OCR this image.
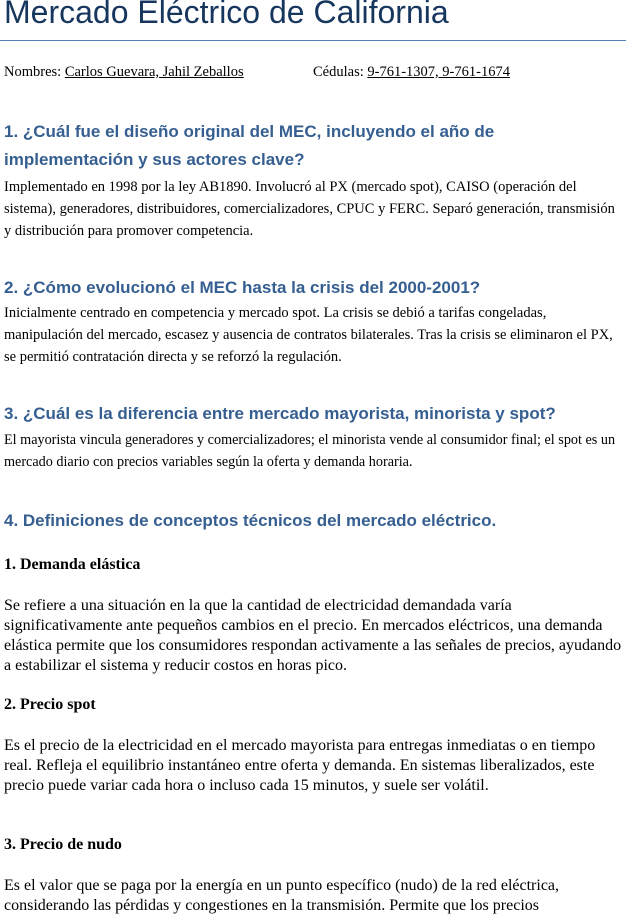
Mercado Eléctrico de California
Nombres: Carlos Guevara, Jahil Zeballos	Cédulas: 9-761-1307, 9-761-1674
1. ¿Cuál fue el diseño original del MEC, incluyendo el año de implementación y sus actores clave?

Implementado en 1998 por la ley AB1890. Involucró al PX (mercado spot), CAISO (operación del sistema), generadores, distribuidores, comercializadores, CPUC y FERC. Separó generación, transmisión y distribución para promover competencia.

2. ¿Cómo evolucionó el MEC hasta la crisis del 2000-2001?

Inicialmente centrado en competencia y mercado spot. La crisis se debió a tarifas congeladas, manipulación del mercado, escasez y ausencia de contratos bilaterales. Tras la crisis se eliminaron el PX, se permitió contratación directa y se reforzó la regulación.

3. ¿Cuál es la diferencia entre mercado mayorista, minorista y spot?

El mayorista vincula generadores y comercializadores; el minorista vende al consumidor final; el spot es un mercado diario con precios variables según la oferta y demanda horaria.

4. Definiciones de conceptos técnicos del mercado eléctrico.
1. Demanda elástica

Se refiere a una situación en la que la cantidad de electricidad demandada varía significativamente ante pequeños cambios en el precio. En mercados eléctricos, una demanda elástica permite que los consumidores respondan activamente a las señales de precios, ayudando a estabilizar el sistema y reducir costos en horas pico.

2. Precio spot

Es el precio de la electricidad en el mercado mayorista para entregas inmediatas o en tiempo real. Refleja el equilibrio instantáneo entre oferta y demanda. En sistemas liberalizados, este precio puede variar cada hora o incluso cada 15 minutos, y suele ser volátil.

3. Precio de nudo

Es el valor que se paga por la energía en un punto específico (nudo) de la red eléctrica, considerando las pérdidas y congestiones en la transmisión. Permite que los precios
